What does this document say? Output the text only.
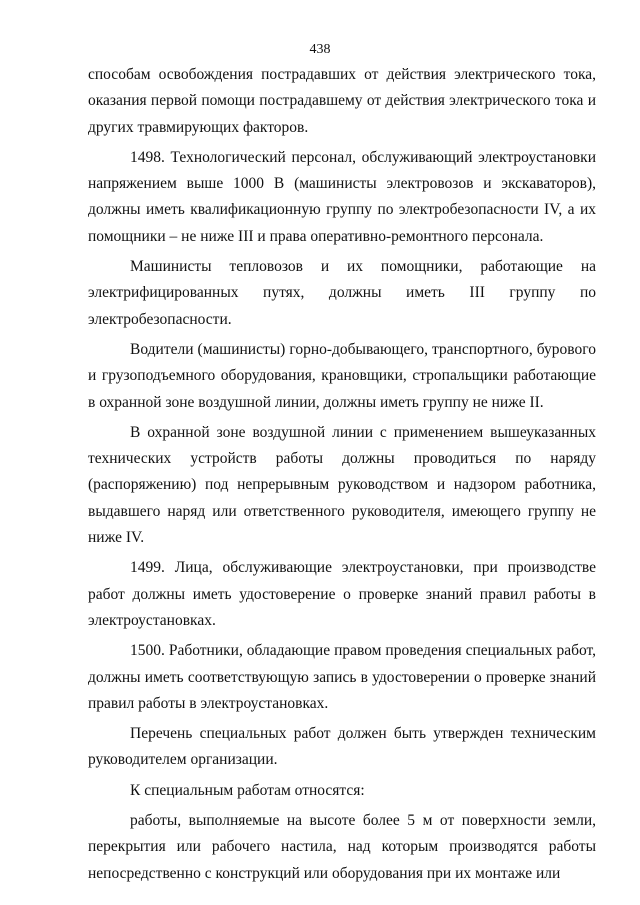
438

способам освобождения пострадавших от действия электрического тока, оказания первой помощи пострадавшему от действия электрического тока и других травмирующих факторов.

1498. Технологический персонал, обслуживающий электроустановки напряжением выше 1000 В (машинисты электровозов и экскаваторов), должны иметь квалификационную группу по электробезопасности IV, а их помощники – не ниже III и права оперативно-ремонтного персонала.

Машинисты тепловозов и их помощники, работающие на электрифицированных путях, должны иметь III группу по электробезопасности.

Водители (машинисты) горно-добывающего, транспортного, бурового и грузоподъемного оборудования, крановщики, стропальщики работающие в охранной зоне воздушной линии, должны иметь группу не ниже II.

В охранной зоне воздушной линии с применением вышеуказанных технических устройств работы должны проводиться по наряду (распоряжению) под непрерывным руководством и надзором работника, выдавшего наряд или ответственного руководителя, имеющего группу не ниже IV.

1499. Лица, обслуживающие электроустановки, при производстве работ должны иметь удостоверение о проверке знаний правил работы в электроустановках.

1500. Работники, обладающие правом проведения специальных работ, должны иметь соответствующую запись в удостоверении о проверке знаний правил работы в электроустановках.

Перечень специальных работ должен быть утвержден техническим руководителем организации.

К специальным работам относятся:

работы, выполняемые на высоте более 5 м от поверхности земли, перекрытия или рабочего настила, над которым производятся работы непосредственно с конструкций или оборудования при их монтаже или
